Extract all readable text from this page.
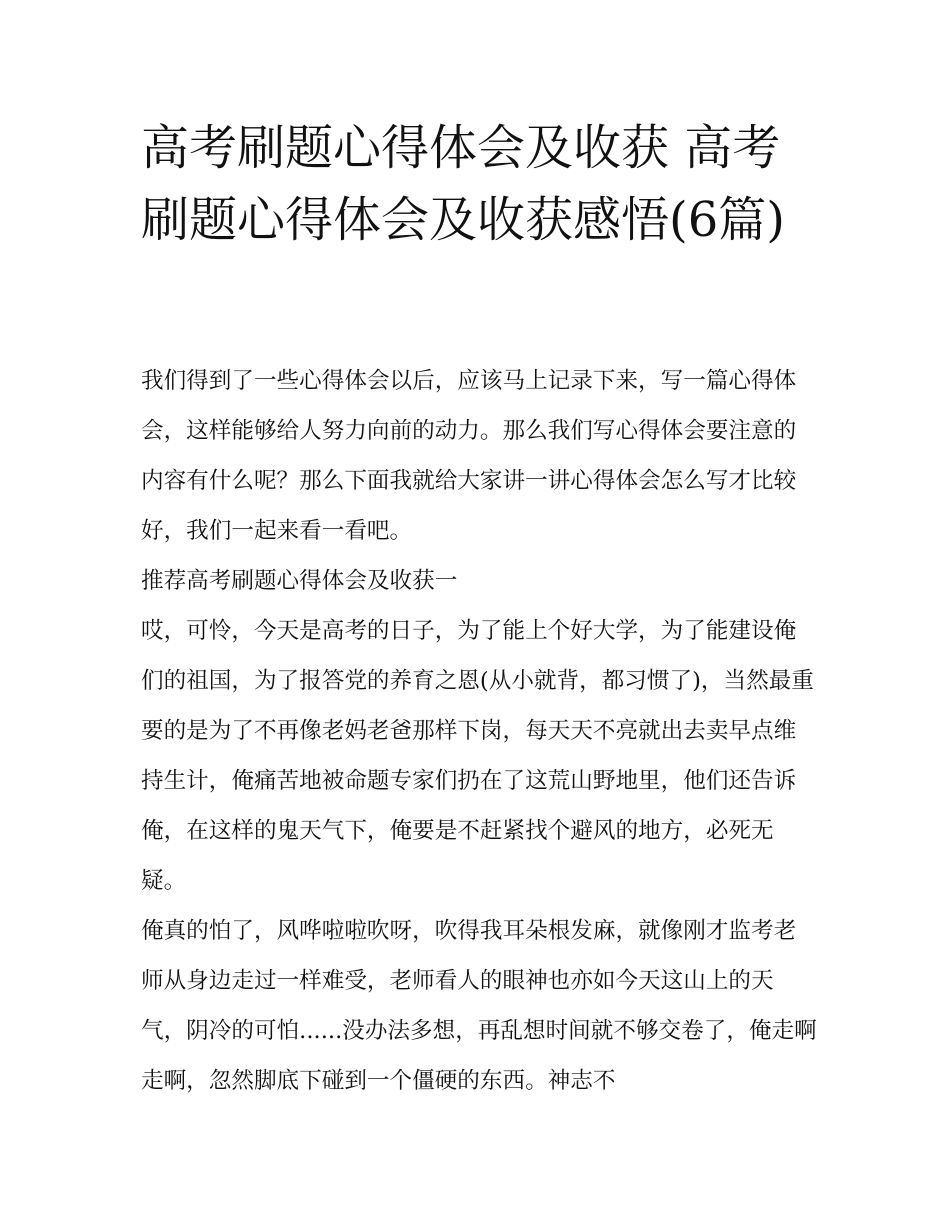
高考刷题心得体会及收获 高考刷题心得体会及收获感悟(6篇)

我们得到了一些心得体会以后，应该马上记录下来，写一篇心得体会，这样能够给人努力向前的动力。那么我们写心得体会要注意的内容有什么呢？那么下面我就给大家讲一讲心得体会怎么写才比较好，我们一起来看一看吧。

推荐高考刷题心得体会及收获一

哎，可怜，今天是高考的日子，为了能上个好大学，为了能建设俺们的祖国，为了报答党的养育之恩(从小就背，都习惯了)，当然最重要的是为了不再像老妈老爸那样下岗，每天天不亮就出去卖早点维持生计，俺痛苦地被命题专家们扔在了这荒山野地里，他们还告诉俺，在这样的鬼天气下，俺要是不赶紧找个避风的地方，必死无疑。

俺真的怕了，风哗啦啦吹呀，吹得我耳朵根发麻，就像刚才监考老师从身边走过一样难受，老师看人的眼神也亦如今天这山上的天气，阴冷的可怕......没办法多想，再乱想时间就不够交卷了，俺走啊走啊，忽然脚底下碰到一个僵硬的东西。神志不
